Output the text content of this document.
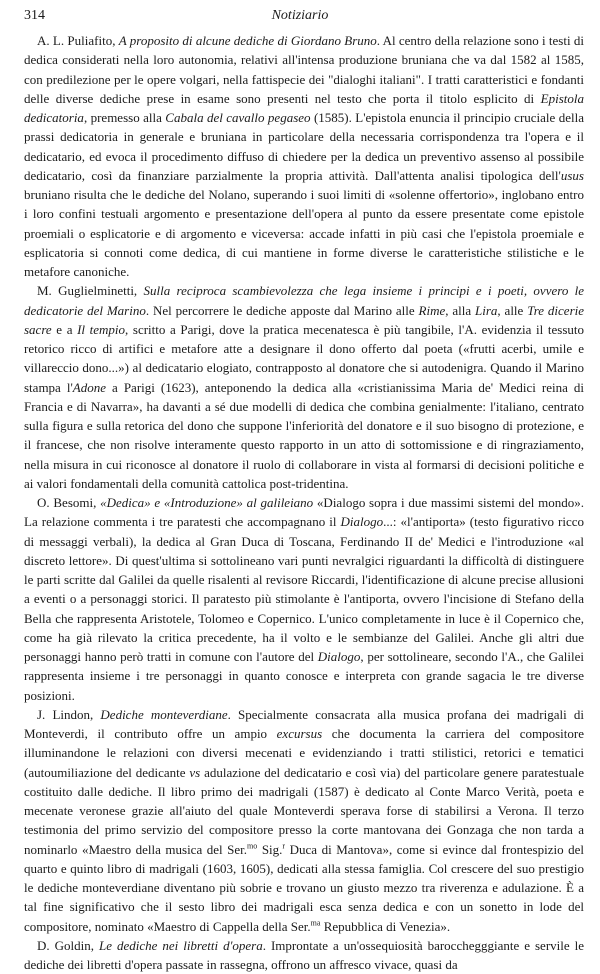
314	Notiziario

A. L. Puliafito, A proposito di alcune dediche di Giordano Bruno. Al centro della relazione sono i testi di dedica considerati nella loro autonomia, relativi all'intensa produzione bruniana che va dal 1582 al 1585, con predilezione per le opere volgari, nella fattispecie dei "dialoghi italiani". I tratti caratteristici e fondanti delle diverse dediche prese in esame sono presenti nel testo che porta il titolo esplicito di Epistola dedicatoria, premesso alla Cabala del cavallo pegaseo (1585). L'epistola enuncia il principio cruciale della prassi dedicatoria in generale e bruniana in particolare della necessaria corrispondenza tra l'opera e il dedicatario, ed evoca il procedimento diffuso di chiedere per la dedica un preventivo assenso al possibile dedicatario, così da finanziare parzialmente la propria attività. Dall'attenta analisi tipologica dell'usus bruniano risulta che le dediche del Nolano, superando i suoi limiti di «solenne offertorio», inglobano entro i loro confini testuali argomento e presentazione dell'opera al punto da essere presentate come epistole proemiali o esplicatorie e di argomento e viceversa: accade infatti in più casi che l'epistola proemiale e esplicatoria si connoti come dedica, di cui mantiene in forme diverse le caratteristiche stilistiche e le metafore canoniche.

M. Guglielminetti, Sulla reciproca scambievolezza che lega insieme i principi e i poeti, ovvero le dedicatorie del Marino. Nel percorrere le dediche apposte dal Marino alle Rime, alla Lira, alle Tre dicerie sacre e a Il tempio, scritto a Parigi, dove la pratica mecenatesca è più tangibile, l'A. evidenzia il tessuto retorico ricco di artifici e metafore atte a designare il dono offerto dal poeta («frutti acerbi, umile e villareccio dono...») al dedicatario elogiato, contrapposto al donatore che si autodenigra. Quando il Marino stampa l'Adone a Parigi (1623), anteponendo la dedica alla «cristianissima Maria de' Medici reina di Francia e di Navarra», ha davanti a sé due modelli di dedica che combina genialmente: l'italiano, centrato sulla figura e sulla retorica del dono che suppone l'inferiorità del donatore e il suo bisogno di protezione, e il francese, che non risolve interamente questo rapporto in un atto di sottomissione e di ringraziamento, nella misura in cui riconosce al donatore il ruolo di collaborare in vista al formarsi di decisioni politiche e ai valori fondamentali della comunità cattolica post-tridentina.

O. Besomi, «Dedica» e «Introduzione» al galileiano «Dialogo sopra i due massimi sistemi del mondo». La relazione commenta i tre paratesti che accompagnano il Dialogo...: «l'antiporta» (testo figurativo ricco di messaggi verbali), la dedica al Gran Duca di Toscana, Ferdinando II de' Medici e l'introduzione «al discreto lettore». Di quest'ultima si sottolineano vari punti nevralgici riguardanti la difficoltà di distinguere le parti scritte dal Galilei da quelle risalenti al revisore Riccardi, l'identificazione di alcune precise allusioni a eventi o a personaggi storici. Il paratesto più stimolante è l'antiporta, ovvero l'incisione di Stefano della Bella che rappresenta Aristotele, Tolomeo e Copernico. L'unico completamente in luce è il Copernico che, come ha già rilevato la critica precedente, ha il volto e le sembianze del Galilei. Anche gli altri due personaggi hanno però tratti in comune con l'autore del Dialogo, per sottolineare, secondo l'A., che Galilei rappresenta insieme i tre personaggi in quanto conosce e interpreta con grande sagacia le tre diverse posizioni.

J. Lindon, Dediche monteverdiane. Specialmente consacrata alla musica profana dei madrigali di Monteverdi, il contributo offre un ampio excursus che documenta la carriera del compositore illuminandone le relazioni con diversi mecenati e evidenziando i tratti stilistici, retorici e tematici (autoumiliazione del dedicante vs adulazione del dedicatario e così via) del particolare genere paratestuale costituito dalle dediche. Il libro primo dei madrigali (1587) è dedicato al Conte Marco Verità, poeta e mecenate veronese grazie all'aiuto del quale Monteverdi sperava forse di stabilirsi a Verona. Il terzo testimonia del primo servizio del compositore presso la corte mantovana dei Gonzaga che non tarda a nominarlo «Maestro della musica del Ser.$^{mo}$ Sig.$^r$ Duca di Mantova», come si evince dal frontespizio del quarto e quinto libro di madrigali (1603, 1605), dedicati alla stessa famiglia. Col crescere del suo prestigio le dediche monteverdiane diventano più sobrie e trovano un giusto mezzo tra riverenza e adulazione. È a tal fine significativo che il sesto libro dei madrigali esca senza dedica e con un sonetto in lode del compositore, nominato «Maestro di Cappella della Ser.$^{ma}$ Repubblica di Venezia».

D. Goldin, Le dediche nei libretti d'opera. Improntate a un'ossequiosità barocchegggiante e servile le dediche dei libretti d'opera passate in rassegna, offrono un affresco vivace, quasi da
